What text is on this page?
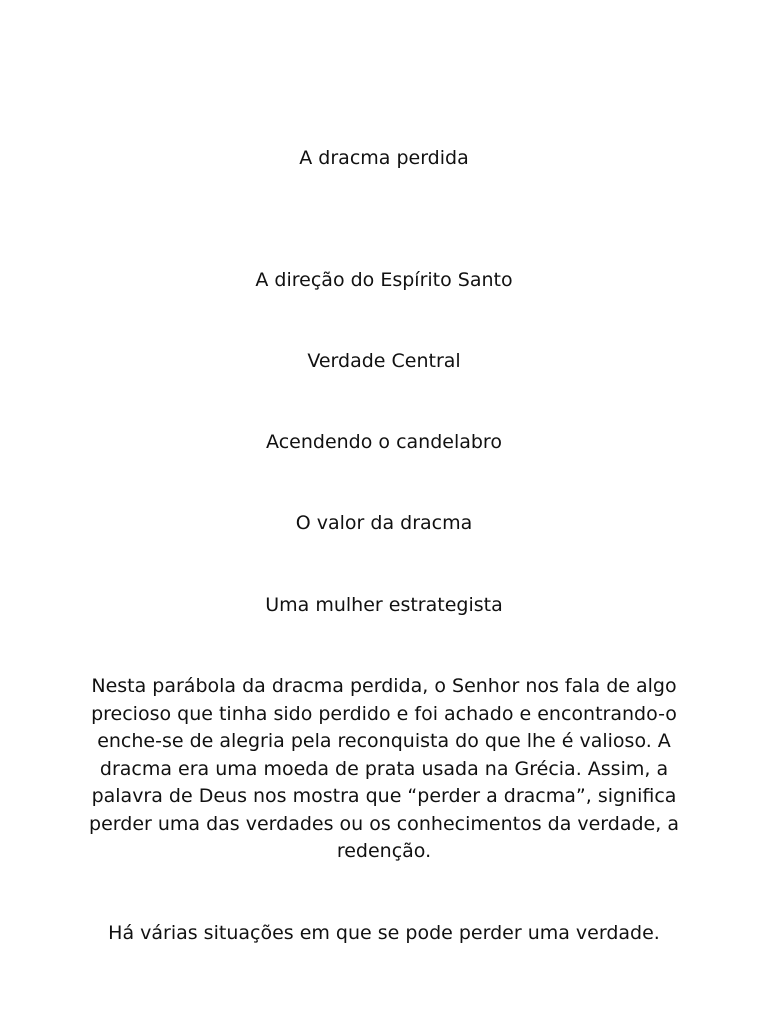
A dracma perdida
A direção do Espírito Santo
Verdade Central
Acendendo o candelabro
O valor da dracma
Uma mulher estrategista
Nesta parábola da dracma perdida, o Senhor nos fala de algo
precioso que tinha sido perdido e foi achado e encontrando-o
enche-se de alegria pela reconquista do que lhe é valioso. A
dracma era uma moeda de prata usada na Grécia. Assim, a
palavra de Deus nos mostra que “perder a dracma”, significa
perder uma das verdades ou os conhecimentos da verdade, a
redenção.
Há várias situações em que se pode perder uma verdade.
